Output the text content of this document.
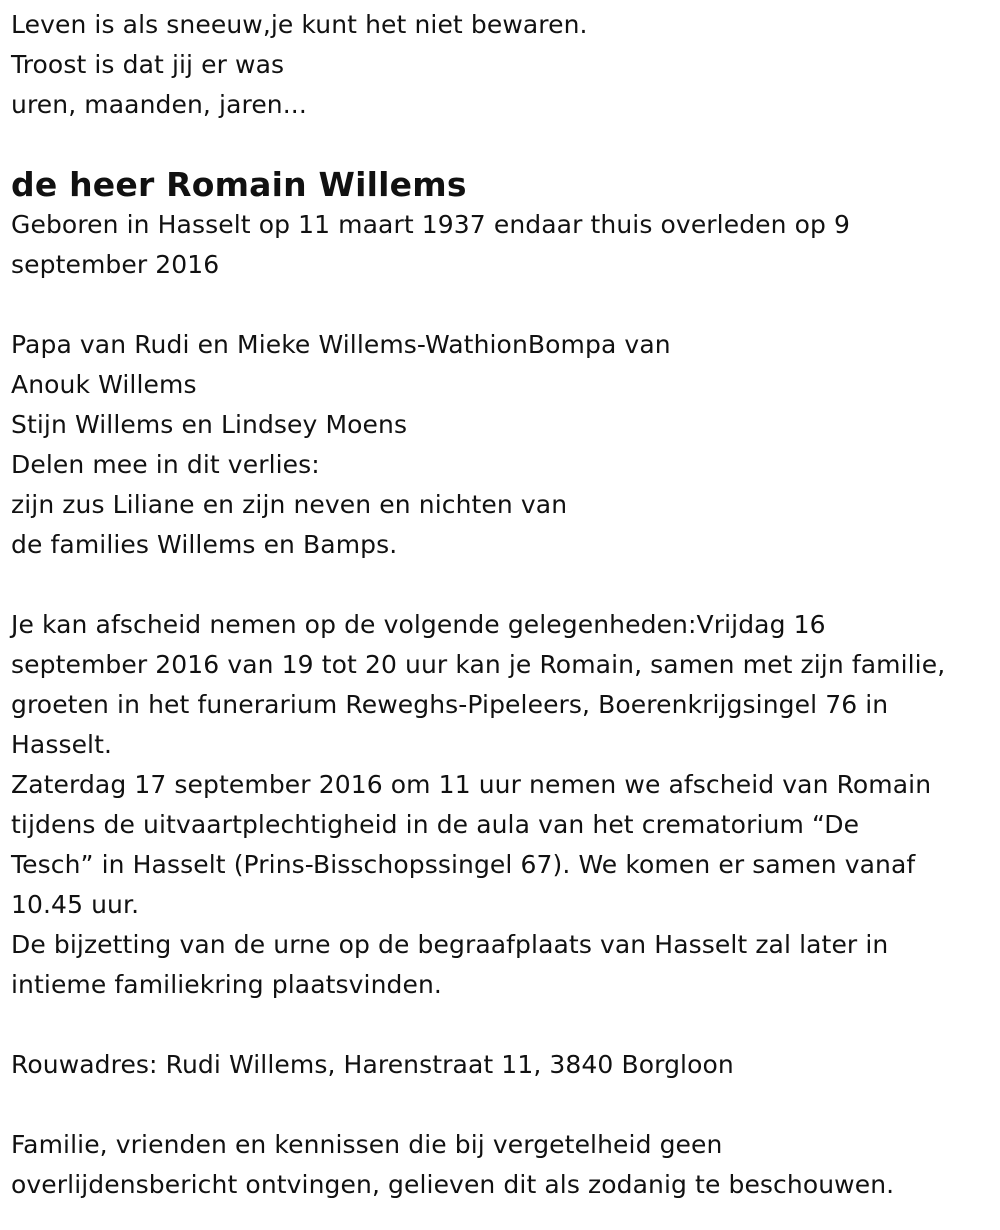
Leven is als sneeuw,je kunt het niet bewaren.
Troost is dat jij er was
uren, maanden, jaren...
de heer Romain Willems
Geboren in Hasselt op 11 maart 1937 endaar thuis overleden op 9
september 2016
Papa van Rudi en Mieke Willems-WathionBompa van
Anouk Willems
Stijn Willems en Lindsey Moens
Delen mee in dit verlies:
zijn zus Liliane en zijn neven en nichten van
de families Willems en Bamps.
Je kan afscheid nemen op de volgende gelegenheden:Vrijdag 16
september 2016 van 19 tot 20 uur kan je Romain, samen met zijn familie,
groeten in het funerarium Reweghs-Pipeleers, Boerenkrijgsingel 76 in
Hasselt.
Zaterdag 17 september 2016 om 11 uur nemen we afscheid van Romain
tijdens de uitvaartplechtigheid in de aula van het crematorium “De
Tesch” in Hasselt (Prins-Bisschopssingel 67). We komen er samen vanaf
10.45 uur.
De bijzetting van de urne op de begraafplaats van Hasselt zal later in
intieme familiekring plaatsvinden.
Rouwadres: Rudi Willems, Harenstraat 11, 3840 Borgloon
Familie, vrienden en kennissen die bij vergetelheid geen
overlijdensbericht ontvingen, gelieven dit als zodanig te beschouwen.
